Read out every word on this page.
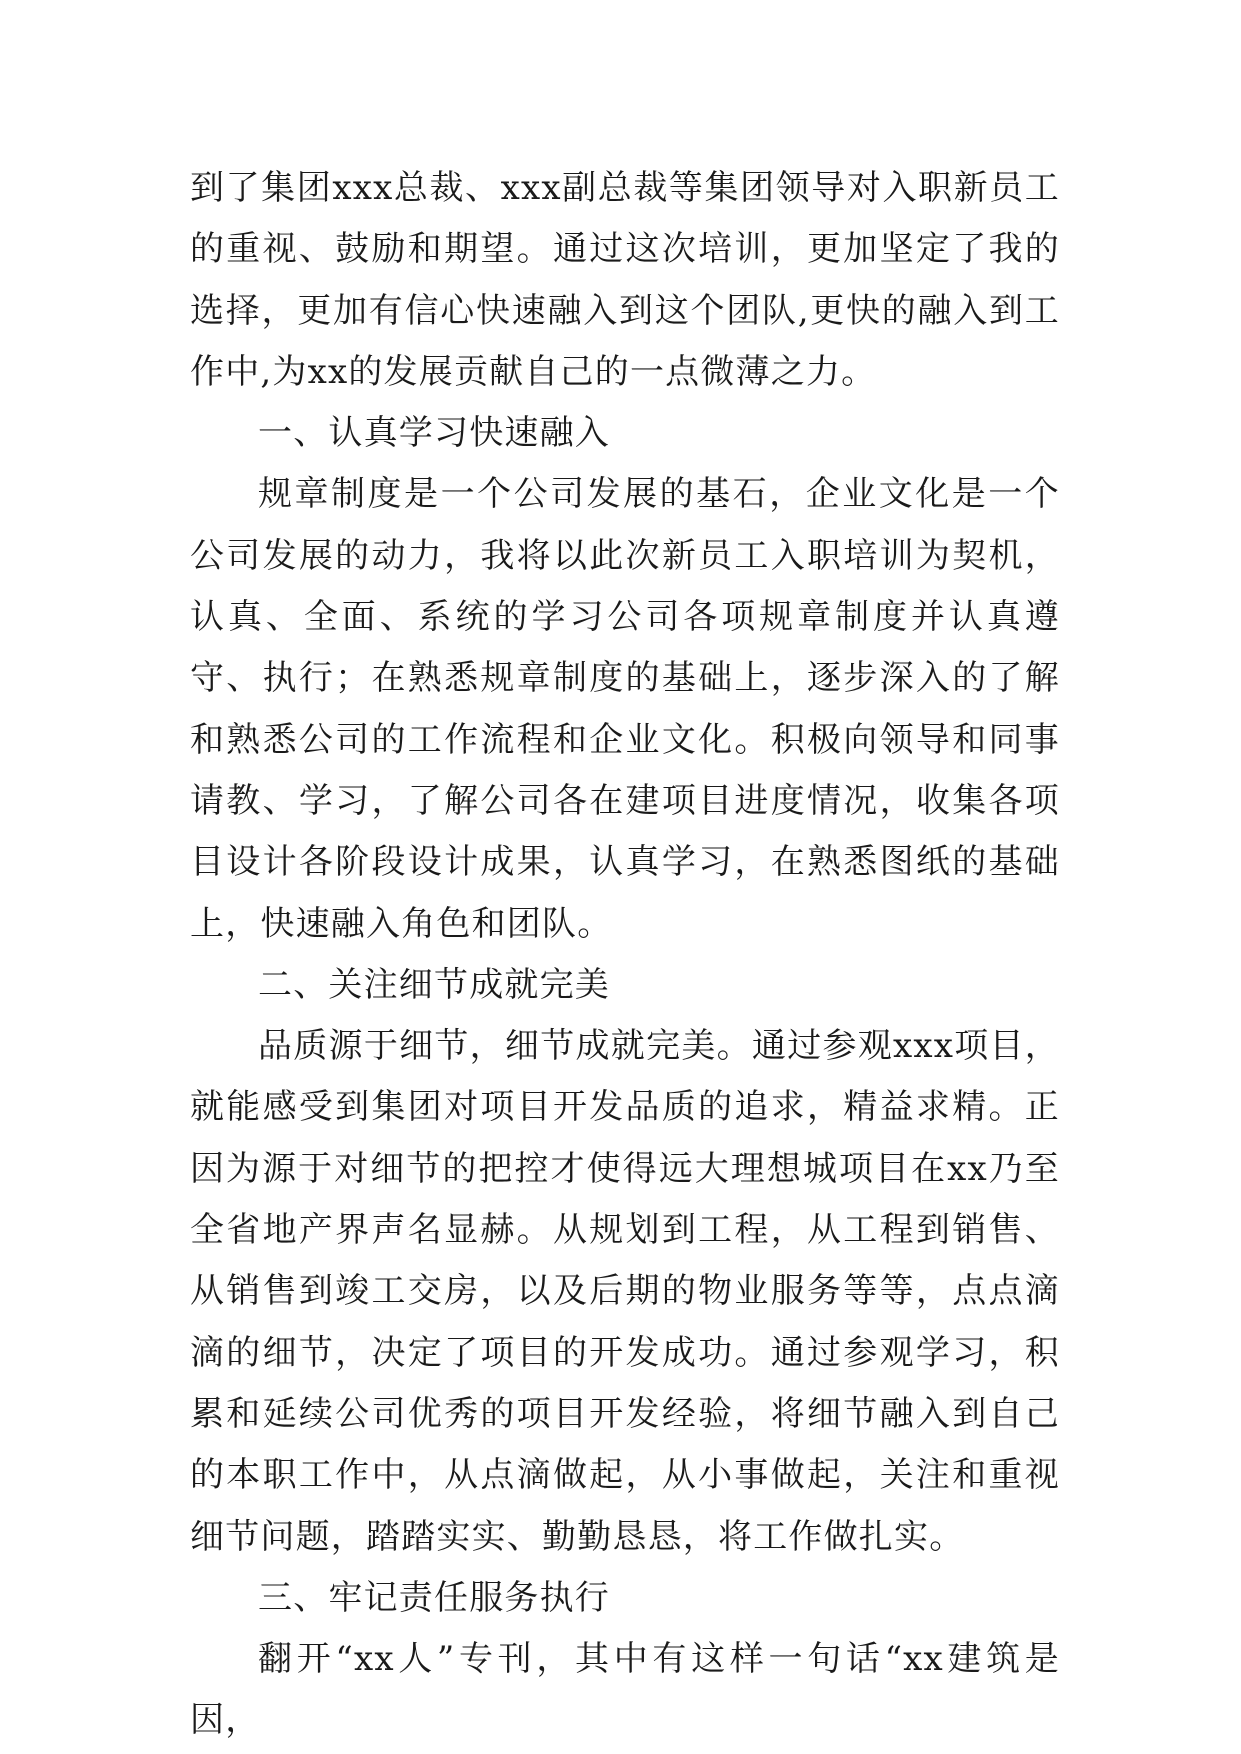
到了集团xxx总裁、xxx副总裁等集团领导对入职新员工的重视、鼓励和期望。通过这次培训，更加坚定了我的选择，更加有信心快速融入到这个团队,更快的融入到工作中,为xx的发展贡献自己的一点微薄之力。

一、认真学习快速融入

规章制度是一个公司发展的基石，企业文化是一个公司发展的动力，我将以此次新员工入职培训为契机，认真、全面、系统的学习公司各项规章制度并认真遵守、执行；在熟悉规章制度的基础上，逐步深入的了解和熟悉公司的工作流程和企业文化。积极向领导和同事请教、学习，了解公司各在建项目进度情况，收集各项目设计各阶段设计成果，认真学习，在熟悉图纸的基础上，快速融入角色和团队。

二、关注细节成就完美

品质源于细节，细节成就完美。通过参观xxx项目，就能感受到集团对项目开发品质的追求，精益求精。正因为源于对细节的把控才使得远大理想城项目在xx乃至全省地产界声名显赫。从规划到工程，从工程到销售、从销售到竣工交房，以及后期的物业服务等等，点点滴滴的细节，决定了项目的开发成功。通过参观学习，积累和延续公司优秀的项目开发经验，将细节融入到自己的本职工作中，从点滴做起，从小事做起，关注和重视细节问题，踏踏实实、勤勤恳恳，将工作做扎实。

三、牢记责任服务执行

翻开“xx人”专刊，其中有这样一句话“xx建筑是因，
